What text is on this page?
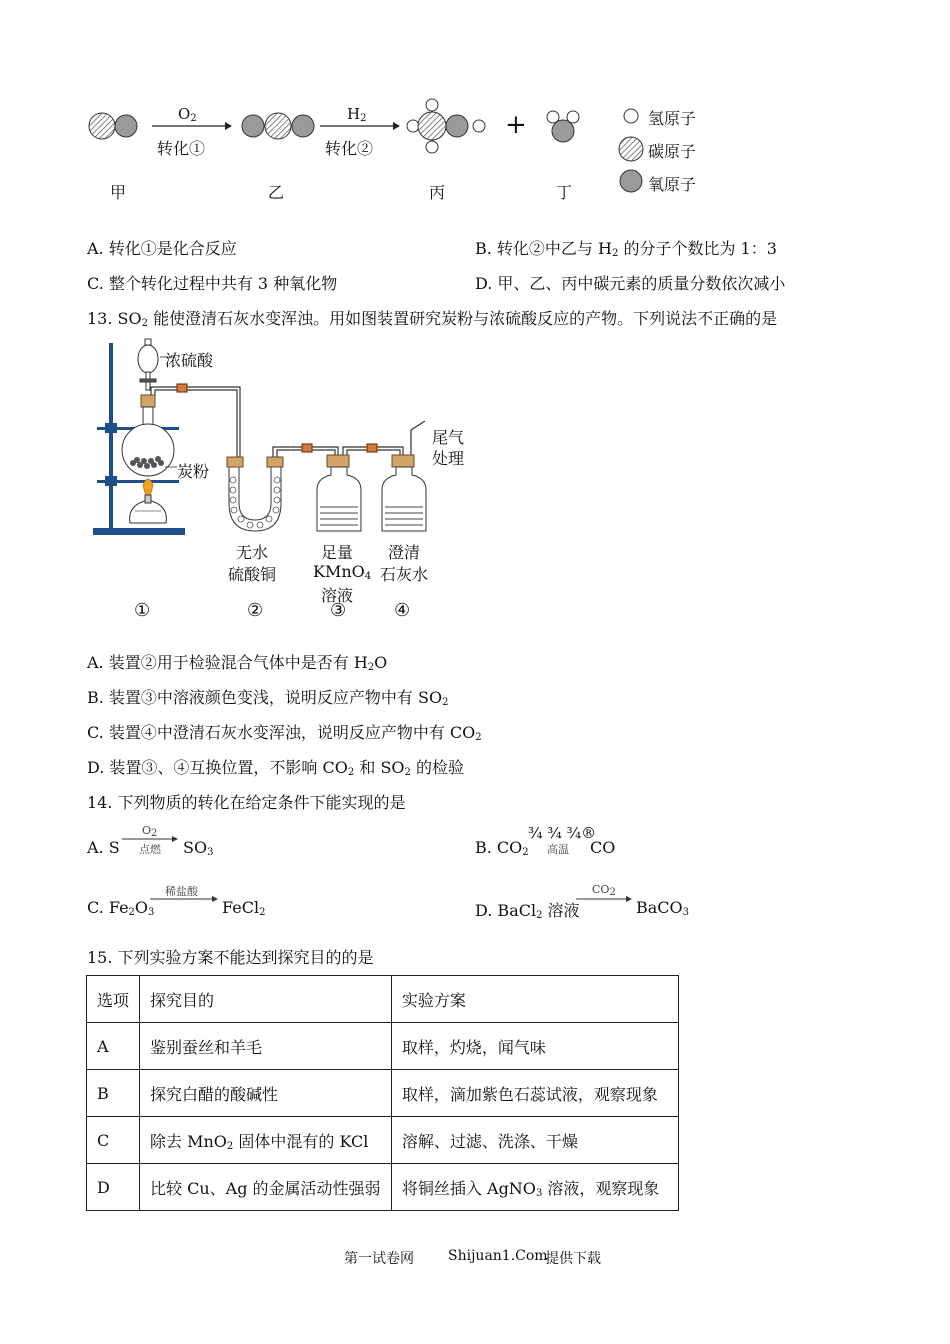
$O_2$
转化①
$H_2$
转化②
+
甲	乙	丙	丁
氢原子
碳原子
氧原子
A. 转化①是化合反应	B. 转化②中乙与 $H_2$ 的分子个数比为 1：3
C. 整个转化过程中共有 3 种氧化物	D. 甲、乙、丙中碳元素的质量分数依次减小
13. $SO_2$ 能使澄清石灰水变浑浊。用如图装置研究炭粉与浓硫酸反应的产物。下列说法不正确的是
浓硫酸
炭粉
尾气
处理
无水
硫酸铜
足量
KMnO$_4$
溶液
澄清
石灰水
①	②	③	④
A. 装置②用于检验混合气体中是否有 $H_2O$
B. 装置③中溶液颜色变浅，说明反应产物中有 $SO_2$
C. 装置④中澄清石灰水变浑浊，说明反应产物中有 $CO_2$
D. 装置③、④互换位置，不影响 $CO_2$ 和 $SO_2$ 的检验
14. 下列物质的转化在给定条件下能实现的是
A. S
$O_2$
点燃 $SO_3$	B. $CO_2$
¾ ¾ ¾®
高温 CO
C. $Fe_2O_3$
稀盐酸
FeCl$_2$	D. BaCl$_2$ 溶液
$CO_2$
BaCO$_3$
15. 下列实验方案不能达到探究目的的是
选项	探究目的	实验方案
A	鉴别蚕丝和羊毛	取样，灼烧，闻气味
B	探究白醋的酸碱性	取样，滴加紫色石蕊试液，观察现象
C	除去 MnO$_2$ 固体中混有的 KCl	溶解、过滤、洗涤、干燥
D	比较 Cu、Ag 的金属活动性强弱	将铜丝插入 AgNO$_3$ 溶液，观察现象
第一试卷网 Shijuan1.Com
提供下载
